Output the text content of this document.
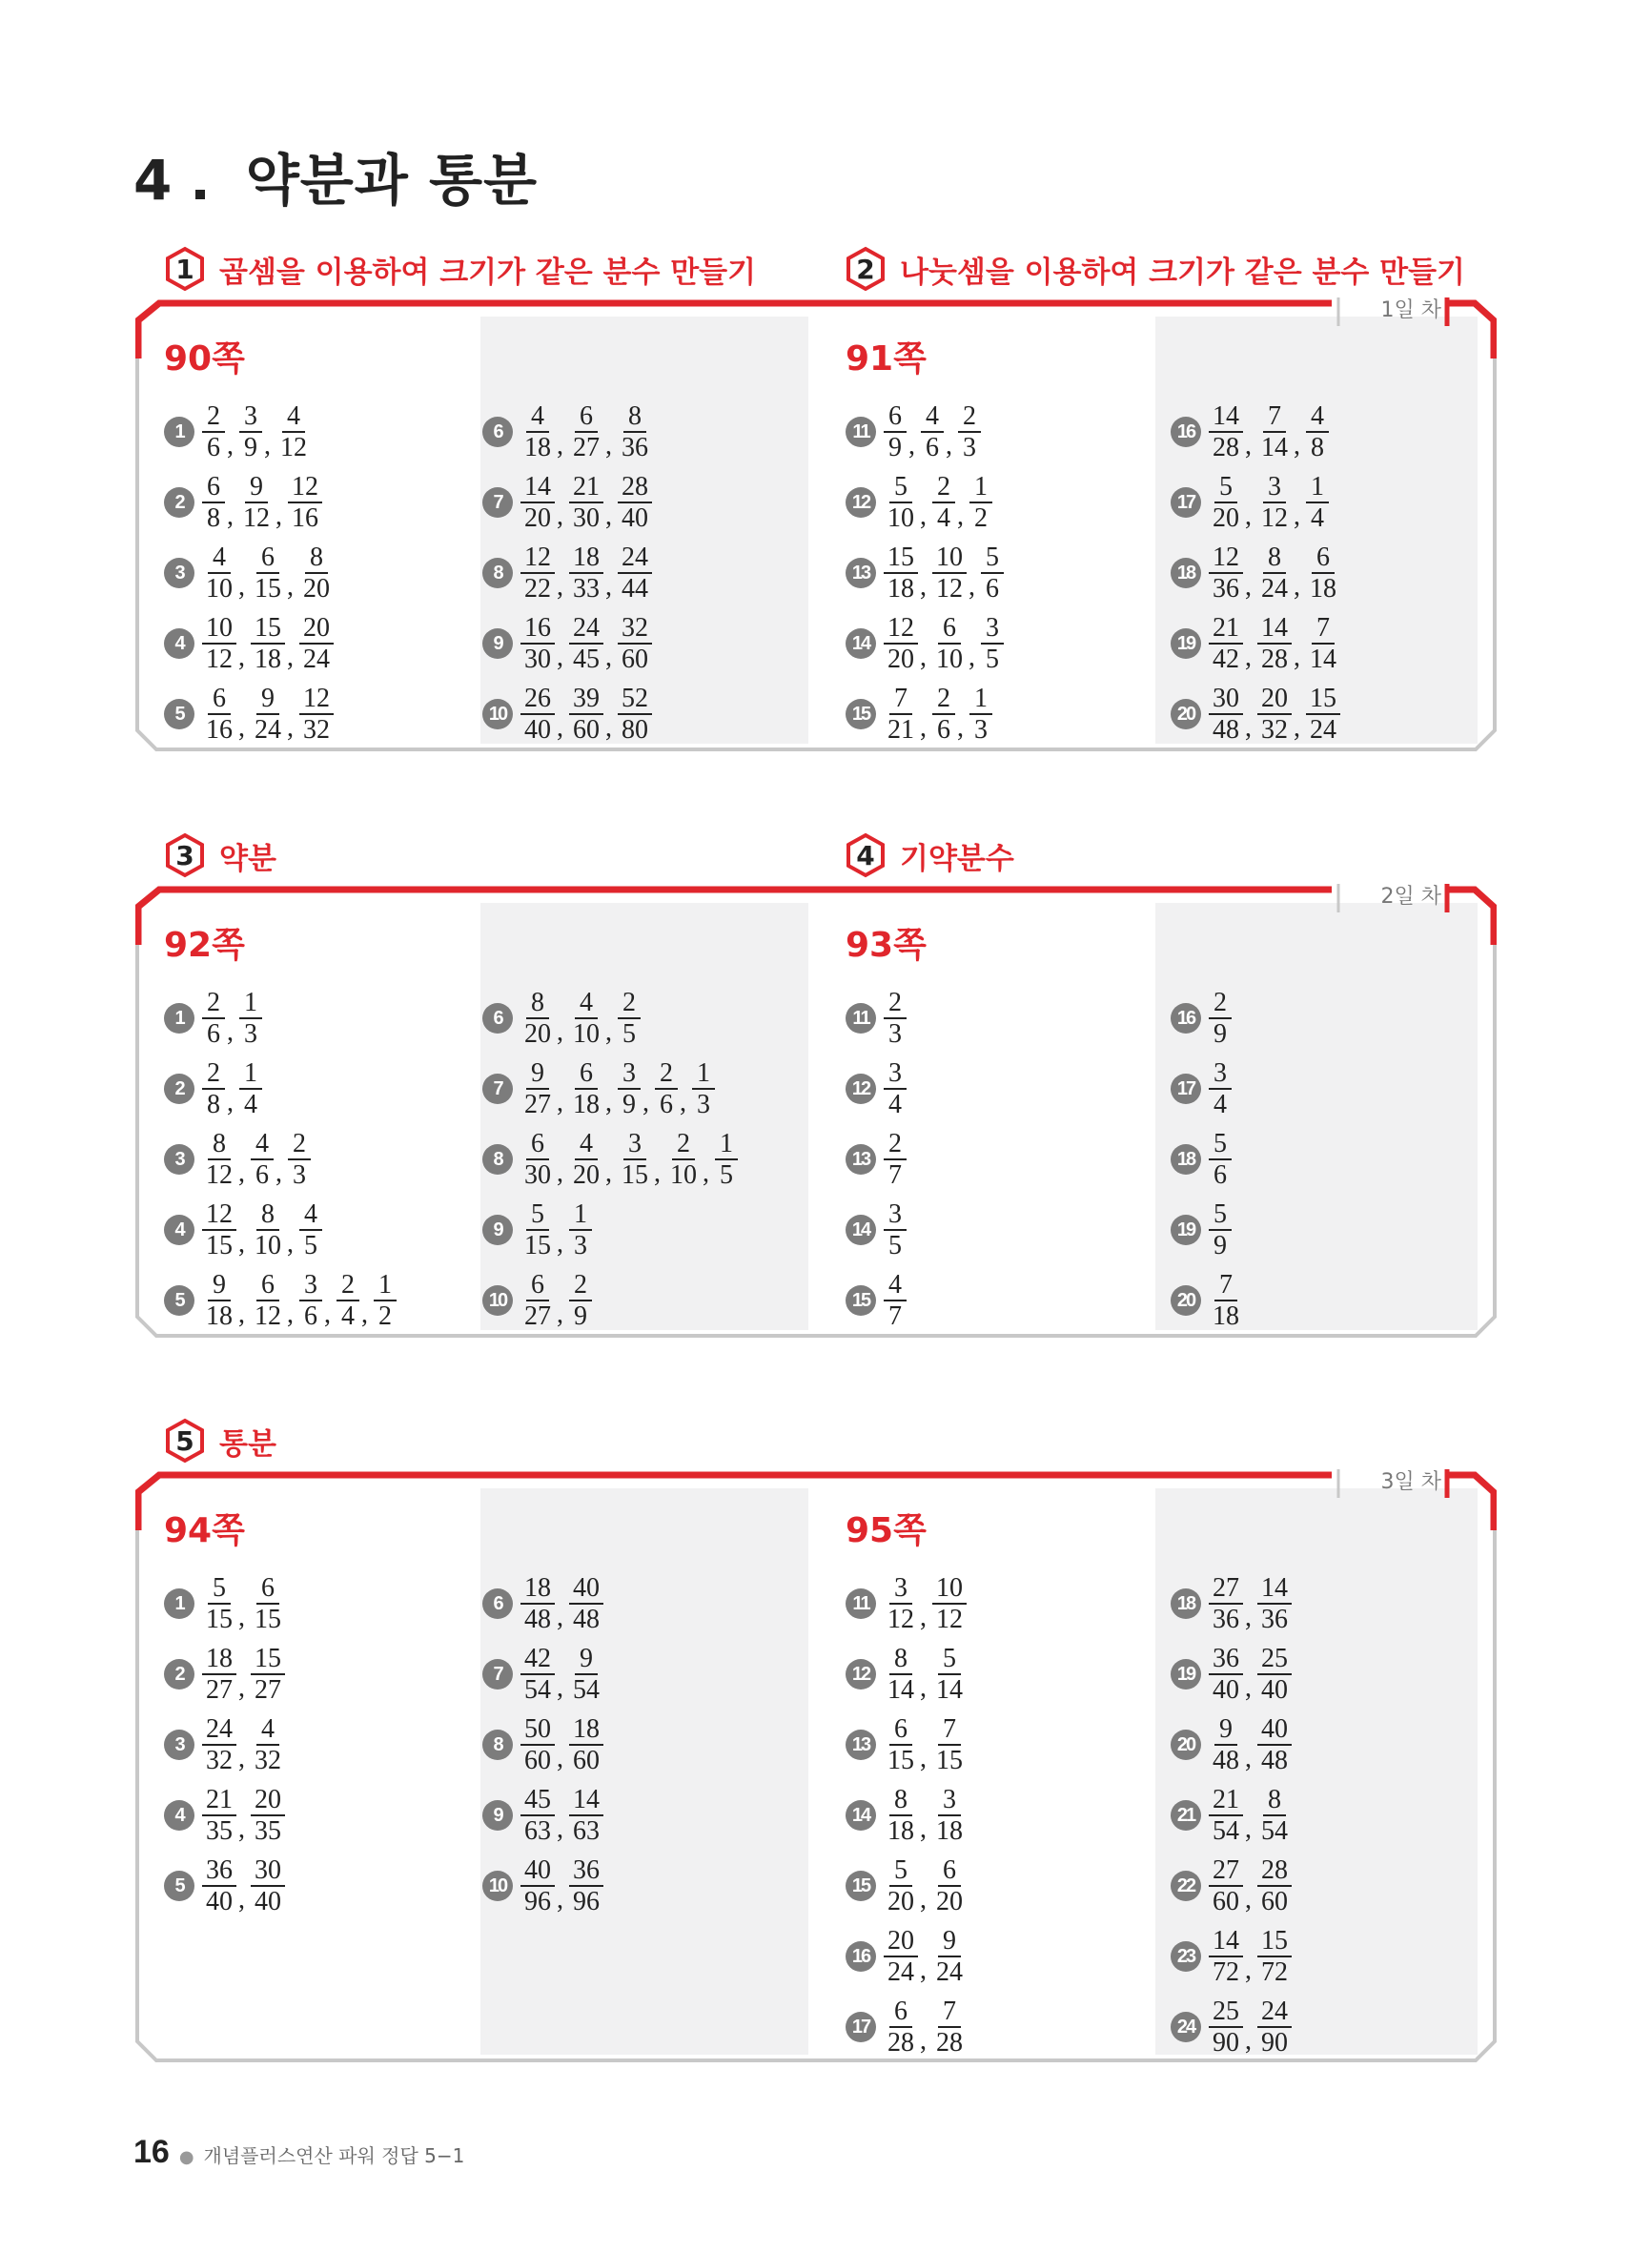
4 약분과 통분
1 곱셈을 이용하여 크기가 같은 분수 만들기	2 나눗셈을 이용하여 크기가 같은 분수 만들기
3 약분	4 기약분수
5 통분
1일 차
90쪽	91쪽
$1 \frac{2}{6}$ , $\frac{3}{9}$ , $\frac{4}{12}$
$2 \frac{6}{8}$ , $\frac{9}{12}$ , $\frac{12}{16}$
$3 \frac{4}{10}$ , $\frac{6}{15}$ , $\frac{8}{20}$
$4 \frac{10}{12}$ , $\frac{15}{18}$ , $\frac{20}{24}$
$5 \frac{6}{16}$ , $\frac{9}{24}$ , $\frac{12}{32}$
$6 \frac{4}{18}$ , $\frac{6}{27}$ , $\frac{8}{36}$
$7 \frac{14}{20}$ , $\frac{21}{30}$ , $\frac{28}{40}$
$8 \frac{12}{22}$ , $\frac{18}{33}$ , $\frac{24}{44}$
$9 \frac{16}{30}$ , $\frac{24}{45}$ , $\frac{32}{60}$
$10 \frac{26}{40}$ , $\frac{39}{60}$ , $\frac{52}{80}$
$11 \frac{6}{9}$ , $\frac{4}{6}$ , $\frac{2}{3}$
$12 \frac{5}{10}$ , $\frac{2}{4}$ , $\frac{1}{2}$
$13 \frac{15}{18}$ , $\frac{10}{12}$ , $\frac{5}{6}$
$14 \frac{12}{20}$ , $\frac{6}{10}$ , $\frac{3}{5}$
$15 \frac{7}{21}$ , $\frac{2}{6}$ , $\frac{1}{3}$
$16 \frac{14}{28}$ , $\frac{7}{14}$ , $\frac{4}{8}$
$17 \frac{5}{20}$ , $\frac{3}{12}$ , $\frac{1}{4}$
$18 \frac{12}{36}$ , $\frac{8}{24}$ , $\frac{6}{18}$
$19 \frac{21}{42}$ , $\frac{14}{28}$ , $\frac{7}{14}$
$20 \frac{30}{48}$ , $\frac{20}{32}$ , $\frac{15}{24}$
2일 차
92쪽	93쪽
$1 \frac{2}{6}$ , $\frac{1}{3}$
$2 \frac{2}{8}$ , $\frac{1}{4}$
$3 \frac{8}{12}$ , $\frac{4}{6}$ , $\frac{2}{3}$
$4 \frac{12}{15}$ , $\frac{8}{10}$ , $\frac{4}{5}$
$5 \frac{9}{18}$ , $\frac{6}{12}$ , $\frac{3}{6}$ , $\frac{2}{4}$ , $\frac{1}{2}$
$6 \frac{8}{20}$ , $\frac{4}{10}$ , $\frac{2}{5}$
$7 \frac{9}{27}$ , $\frac{6}{18}$ , $\frac{3}{9}$ , $\frac{2}{6}$ , $\frac{1}{3}$
$8 \frac{6}{30}$ , $\frac{4}{20}$ , $\frac{3}{15}$ , $\frac{2}{10}$ , $\frac{1}{5}$
$9 \frac{5}{15}$ , $\frac{1}{3}$
$10 \frac{6}{27}$ , $\frac{2}{9}$
$11 \frac{2}{3}$
$12 \frac{3}{4}$
$13 \frac{2}{7}$
$14 \frac{3}{5}$
$15 \frac{4}{7}$
$16 \frac{2}{9}$
$17 \frac{3}{4}$
$18 \frac{5}{6}$
$19 \frac{5}{9}$
$20 \frac{7}{18}$
3일 차
94쪽	95쪽
$1 \frac{5}{15}$ , $\frac{6}{15}$
$2 \frac{18}{27}$ , $\frac{15}{27}$
$3 \frac{24}{32}$ , $\frac{4}{32}$
$4 \frac{21}{35}$ , $\frac{20}{35}$
$5 \frac{36}{40}$ , $\frac{30}{40}$
$6 \frac{18}{48}$ , $\frac{40}{48}$
$7 \frac{42}{54}$ , $\frac{9}{54}$
$8 \frac{50}{60}$ , $\frac{18}{60}$
$9 \frac{45}{63}$ , $\frac{14}{63}$
$10 \frac{40}{96}$ , $\frac{36}{96}$
$11 \frac{3}{12}$ , $\frac{10}{12}$
$12 \frac{8}{14}$ , $\frac{5}{14}$
$13 \frac{6}{15}$ , $\frac{7}{15}$
$14 \frac{8}{18}$ , $\frac{3}{18}$
$15 \frac{5}{20}$ , $\frac{6}{20}$
$16 \frac{20}{24}$ , $\frac{9}{24}$
$17 \frac{6}{28}$ , $\frac{7}{28}$
$18 \frac{27}{36}$ , $\frac{14}{36}$
$19 \frac{36}{40}$ , $\frac{25}{40}$
$20 \frac{9}{48}$ , $\frac{40}{48}$
$21 \frac{21}{54}$ , $\frac{8}{54}$
$22 \frac{27}{60}$ , $\frac{28}{60}$
$23 \frac{14}{72}$ , $\frac{15}{72}$
$24 \frac{25}{90}$ , $\frac{24}{90}$
16 ● 개념플러스연산 파워 정답 5−1
